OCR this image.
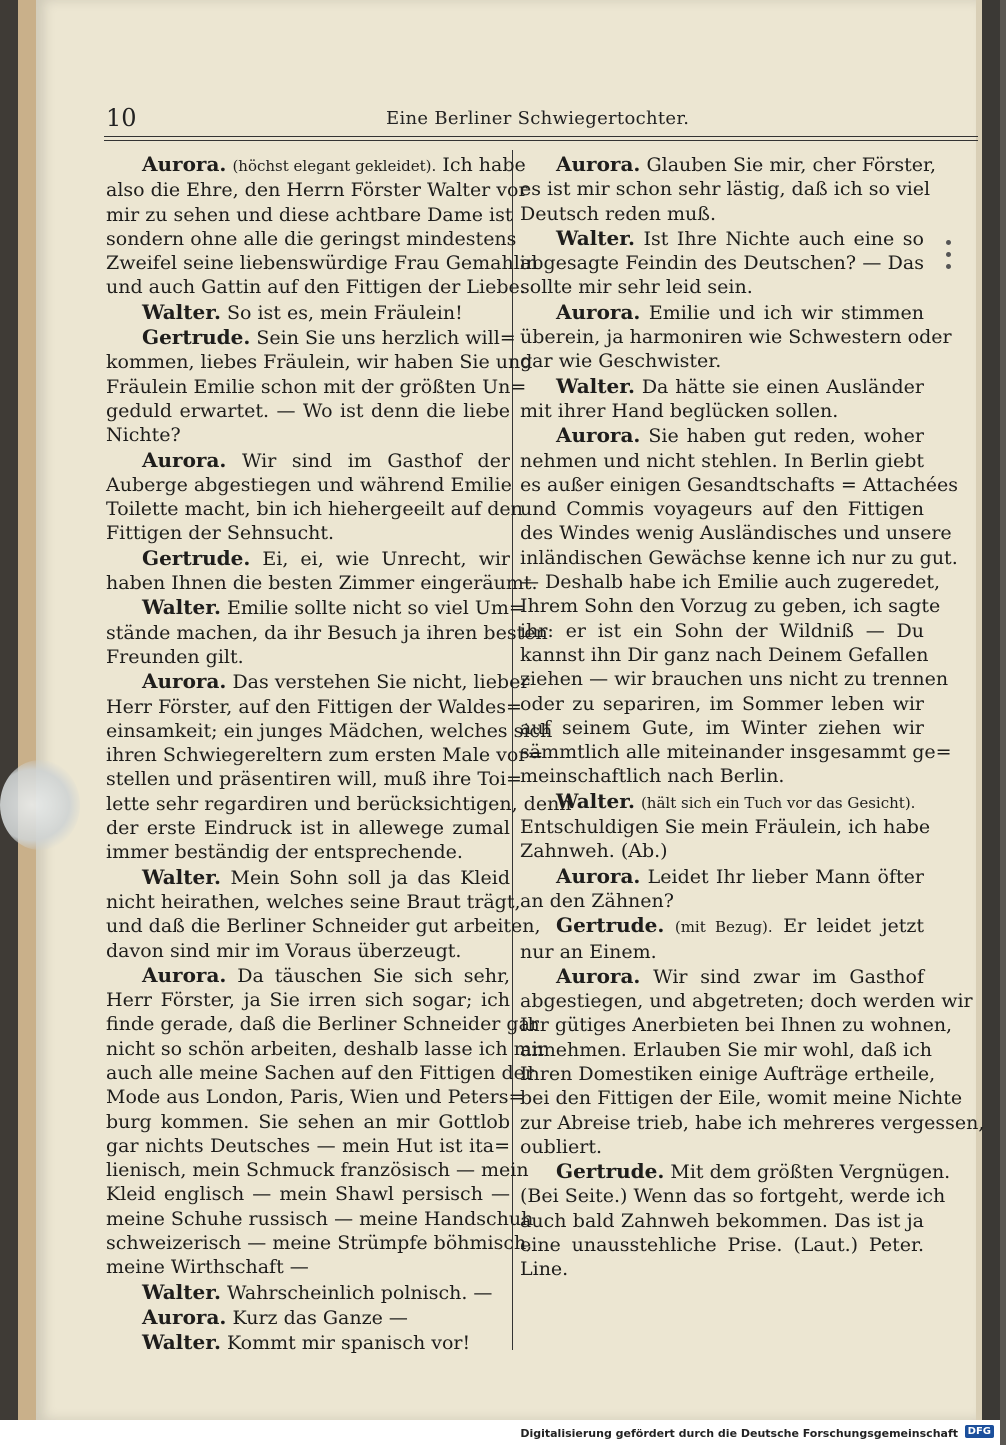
10	Eine Berliner Schwiegertochter.
Aurora. (höchst elegant gekleidet). Ich habe
also die Ehre, den Herrn Förster Walter vor
mir zu sehen und diese achtbare Dame ist
sondern ohne alle die geringst mindestens
Zweifel seine liebenswürdige Frau Gemahlin
und auch Gattin auf den Fittigen der Liebe.
Walter. So ist es, mein Fräulein!
Gertrude. Sein Sie uns herzlich will=
kommen, liebes Fräulein, wir haben Sie und
Fräulein Emilie schon mit der größten Un=
geduld erwartet. — Wo ist denn die liebe
Nichte?
Aurora. Wir sind im Gasthof der
Auberge abgestiegen und während Emilie
Toilette macht, bin ich hiehergeeilt auf den
Fittigen der Sehnsucht.
Gertrude. Ei, ei, wie Unrecht, wir
haben Ihnen die besten Zimmer eingeräumt.
Walter. Emilie sollte nicht so viel Um=
stände machen, da ihr Besuch ja ihren besten
Freunden gilt.
Aurora. Das verstehen Sie nicht, lieber
Herr Förster, auf den Fittigen der Waldes=
einsamkeit; ein junges Mädchen, welches sich
ihren Schwiegereltern zum ersten Male vor=
stellen und präsentiren will, muß ihre Toi=
lette sehr regardiren und berücksichtigen, denn
der erste Eindruck ist in allewege zumal
immer beständig der entsprechende.
Walter. Mein Sohn soll ja das Kleid
nicht heirathen, welches seine Braut trägt,
und daß die Berliner Schneider gut arbeiten,
davon sind mir im Voraus überzeugt.
Aurora. Da täuschen Sie sich sehr,
Herr Förster, ja Sie irren sich sogar; ich
finde gerade, daß die Berliner Schneider gar
nicht so schön arbeiten, deshalb lasse ich mir
auch alle meine Sachen auf den Fittigen der
Mode aus London, Paris, Wien und Peters=
burg kommen. Sie sehen an mir Gottlob
gar nichts Deutsches — mein Hut ist ita=
lienisch, mein Schmuck französisch — mein
Kleid englisch — mein Shawl persisch —
meine Schuhe russisch — meine Handschuh
schweizerisch — meine Strümpfe böhmisch,
meine Wirthschaft —
Walter. Wahrscheinlich polnisch. —
Aurora. Kurz das Ganze —
Walter. Kommt mir spanisch vor!
Aurora. Glauben Sie mir, cher Förster,
es ist mir schon sehr lästig, daß ich so viel
Deutsch reden muß.
Walter. Ist Ihre Nichte auch eine so
abgesagte Feindin des Deutschen? — Das
sollte mir sehr leid sein.
Aurora. Emilie und ich wir stimmen
überein, ja harmoniren wie Schwestern oder
gar wie Geschwister.
Walter. Da hätte sie einen Ausländer
mit ihrer Hand beglücken sollen.
Aurora. Sie haben gut reden, woher
nehmen und nicht stehlen. In Berlin giebt
es außer einigen Gesandtschafts = Attachées
und Commis voyageurs auf den Fittigen
des Windes wenig Ausländisches und unsere
inländischen Gewächse kenne ich nur zu gut.
— Deshalb habe ich Emilie auch zugeredet,
Ihrem Sohn den Vorzug zu geben, ich sagte
ihr: er ist ein Sohn der Wildniß — Du
kannst ihn Dir ganz nach Deinem Gefallen
ziehen — wir brauchen uns nicht zu trennen
oder zu separiren, im Sommer leben wir
auf seinem Gute, im Winter ziehen wir
sämmtlich alle miteinander insgesammt ge=
meinschaftlich nach Berlin.
Walter. (hält sich ein Tuch vor das Gesicht).
Entschuldigen Sie mein Fräulein, ich habe
Zahnweh. (Ab.)
Aurora. Leidet Ihr lieber Mann öfter
an den Zähnen?
Gertrude. (mit Bezug). Er leidet jetzt
nur an Einem.
Aurora. Wir sind zwar im Gasthof
abgestiegen, und abgetreten; doch werden wir
Ihr gütiges Anerbieten bei Ihnen zu wohnen,
annehmen. Erlauben Sie mir wohl, daß ich
Ihren Domestiken einige Aufträge ertheile,
bei den Fittigen der Eile, womit meine Nichte
zur Abreise trieb, habe ich mehreres vergessen,
oubliert.
Gertrude. Mit dem größten Vergnügen.
(Bei Seite.) Wenn das so fortgeht, werde ich
auch bald Zahnweh bekommen. Das ist ja
eine unausstehliche Prise. (Laut.) Peter.
Line.
Digitalisierung gefördert durch die Deutsche Forschungsgemeinschaft DFG
